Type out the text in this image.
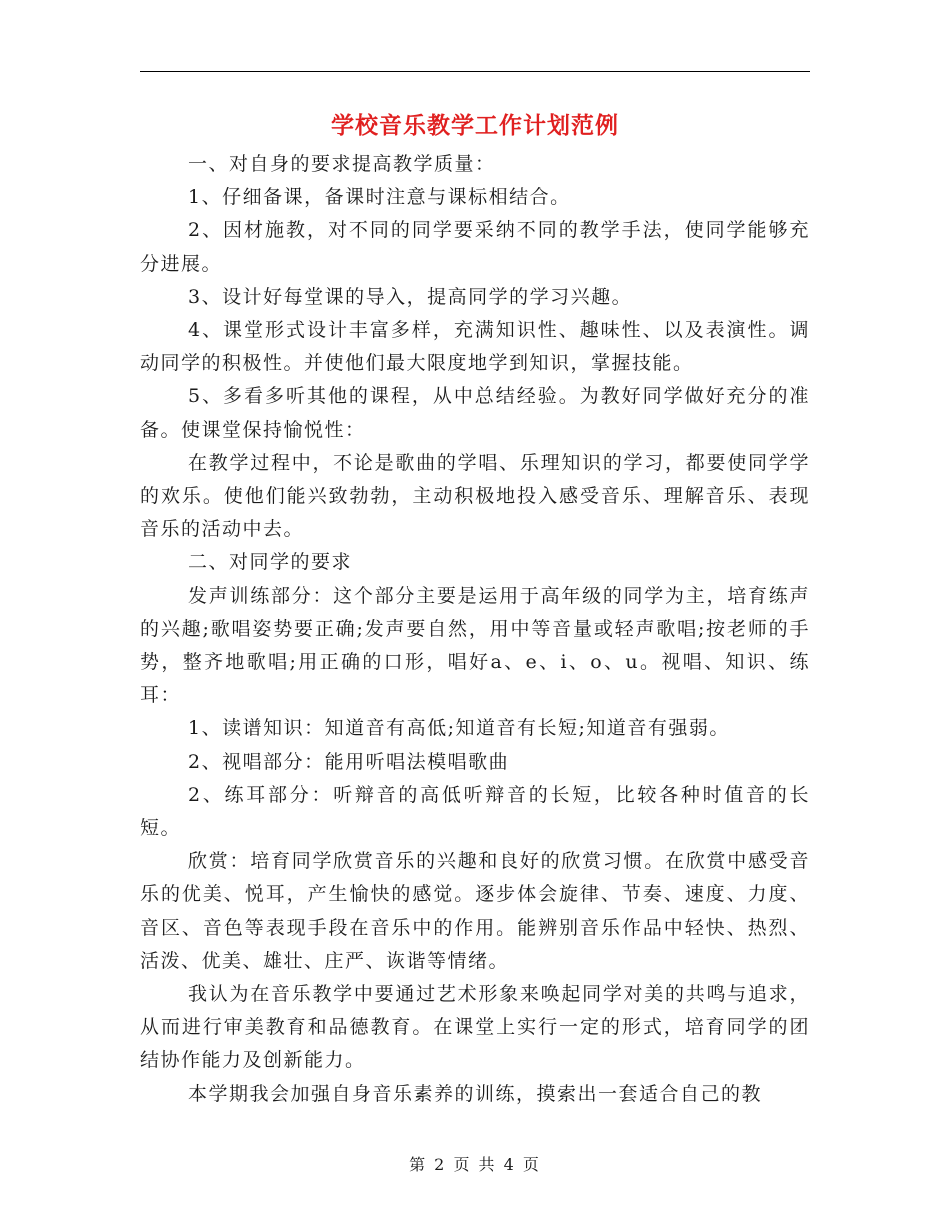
学校音乐教学工作计划范例

一、对自身的要求提高教学质量：

1、仔细备课，备课时注意与课标相结合。

2、因材施教，对不同的同学要采纳不同的教学手法，使同学能够充分进展。

3、设计好每堂课的导入，提高同学的学习兴趣。

4、课堂形式设计丰富多样，充满知识性、趣味性、以及表演性。调动同学的积极性。并使他们最大限度地学到知识，掌握技能。

5、多看多听其他的课程，从中总结经验。为教好同学做好充分的准备。使课堂保持愉悦性：

在教学过程中，不论是歌曲的学唱、乐理知识的学习，都要使同学学的欢乐。使他们能兴致勃勃，主动积极地投入感受音乐、理解音乐、表现音乐的活动中去。

二、对同学的要求

发声训练部分：这个部分主要是运用于高年级的同学为主，培育练声的兴趣;歌唱姿势要正确;发声要自然，用中等音量或轻声歌唱;按老师的手势，整齐地歌唱;用正确的口形，唱好a、e、i、o、u。视唱、知识、练耳：

1、读谱知识：知道音有高低;知道音有长短;知道音有强弱。

2、视唱部分：能用听唱法模唱歌曲

2、练耳部分：听辩音的高低听辩音的长短，比较各种时值音的长短。

欣赏：培育同学欣赏音乐的兴趣和良好的欣赏习惯。在欣赏中感受音乐的优美、悦耳，产生愉快的感觉。逐步体会旋律、节奏、速度、力度、音区、音色等表现手段在音乐中的作用。能辨别音乐作品中轻快、热烈、活泼、优美、雄壮、庄严、诙谐等情绪。

我认为在音乐教学中要通过艺术形象来唤起同学对美的共鸣与追求，从而进行审美教育和品德教育。在课堂上实行一定的形式，培育同学的团结协作能力及创新能力。

本学期我会加强自身音乐素养的训练，摸索出一套适合自己的教

第 2 页 共 4 页
